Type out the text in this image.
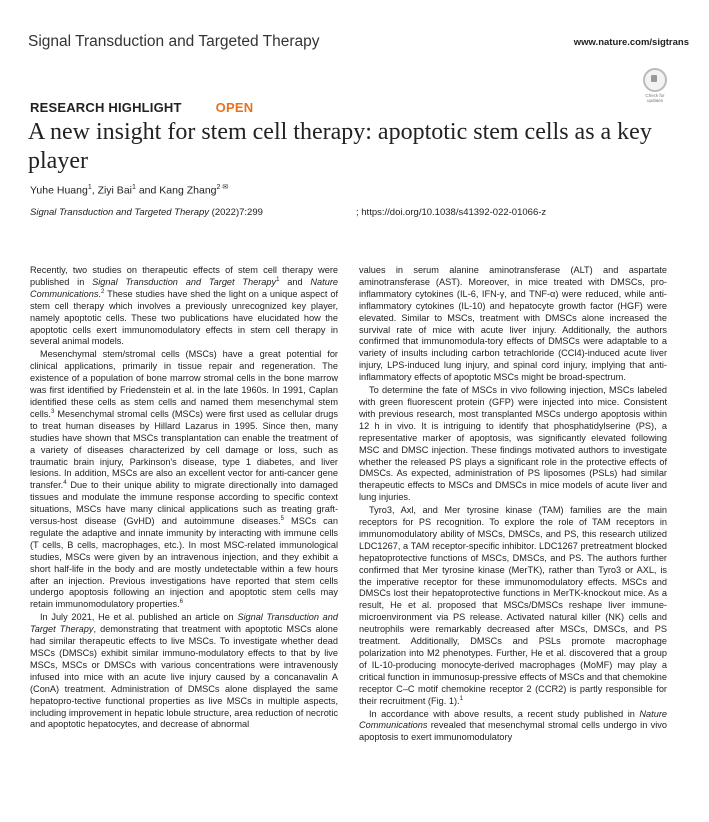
Signal Transduction and Targeted Therapy	www.nature.com/sigtrans
Check for updates
RESEARCH HIGHLIGHT	OPEN
A new insight for stem cell therapy: apoptotic stem cells as a key player
Yuhe Huang$^1$, Ziyi Bai$^1$ and Kang Zhang$^{2 ✉}$
Signal Transduction and Targeted Therapy (2022)7:299	; https://doi.org/10.1038/s41392-022-01066-z

Recently, two studies on therapeutic effects of stem cell therapy were published in Signal Transduction and Target Therapy$^1$ and Nature Communications.$^2$ These studies have shed the light on a unique aspect of stem cell therapy which involves a previously unrecognized key player, namely apoptotic cells. These two publications have elucidated how the apoptotic cells exert immunomodulatory effects in stem cell therapy in several animal models.

Mesenchymal stem/stromal cells (MSCs) have a great potential for clinical applications, primarily in tissue repair and regeneration. The existence of a population of bone marrow stromal cells in the bone marrow was first identified by Friedenstein et al. in the late 1960s. In 1991, Caplan identified these cells as stem cells and named them mesenchymal stem cells.$^3$ Mesenchymal stromal cells (MSCs) were first used as cellular drugs to treat human diseases by Hillard Lazarus in 1995. Since then, many studies have shown that MSCs transplantation can enable the treatment of a variety of diseases characterized by cell damage or loss, such as traumatic brain injury, Parkinson's disease, type 1 diabetes, and liver lesions. In addition, MSCs are also an excellent vector for anti-cancer gene transfer.$^4$ Due to their unique ability to migrate directionally into damaged tissues and modulate the immune response according to specific context situations, MSCs have many clinical applications such as treating graft-versus-host disease (GvHD) and autoimmune diseases.$^5$ MSCs can regulate the adaptive and innate immunity by interacting with immune cells (T cells, B cells, macrophages, etc.). In most MSC-related immunological studies, MSCs were given by an intravenous injection, and they exhibit a short half-life in the body and are mostly undetectable within a few hours after an injection. Previous investigations have reported that stem cells undergo apoptosis following an injection and apoptotic stem cells may retain immunomodulatory properties.$^6$

In July 2021, He et al. published an article on Signal Transduction and Target Therapy, demonstrating that treatment with apoptotic MSCs alone had similar therapeutic effects to live MSCs. To investigate whether dead MSCs (DMSCs) exhibit similar immuno-modulatory effects to that by live MSCs, MSCs or DMSCs with various concentrations were intravenously infused into mice with an acute live injury caused by a concanavalin A (ConA) treatment. Administration of DMSCs alone displayed the same hepatopro-tective functional properties as live MSCs in multiple aspects, including improvement in hepatic lobule structure, area reduction of necrotic and apoptotic hepatocytes, and decrease of abnormal

values in serum alanine aminotransferase (ALT) and aspartate aminotransferase (AST). Moreover, in mice treated with DMSCs, pro-inflammatory cytokines (IL-6, IFN-γ, and TNF-α) were reduced, while anti-inflammatory cytokines (IL-10) and hepatocyte growth factor (HGF) were elevated. Similar to MSCs, treatment with DMSCs alone increased the survival rate of mice with acute liver injury. Additionally, the authors confirmed that immunomodula-tory effects of DMSCs were adaptable to a variety of insults including carbon tetrachloride (CCl4)-induced acute liver injury, LPS-induced lung injury, and spinal cord injury, implying that anti-inflammatory effects of apoptotic MSCs might be broad-spectrum.

To determine the fate of MSCs in vivo following injection, MSCs labeled with green fluorescent protein (GFP) were injected into mice. Consistent with previous research, most transplanted MSCs undergo apoptosis within 12 h in vivo. It is intriguing to identify that phosphatidylserine (PS), a representative marker of apoptosis, was significantly elevated following MSC and DMSC injection. These findings motivated authors to investigate whether the released PS plays a significant role in the protective effects of DMSCs. As expected, administration of PS liposomes (PSLs) had similar therapeutic effects to MSCs and DMSCs in mice models of acute liver and lung injuries.

Tyro3, Axl, and Mer tyrosine kinase (TAM) families are the main receptors for PS recognition. To explore the role of TAM receptors in immunomodulatory ability of MSCs, DMSCs, and PS, this research utilized LDC1267, a TAM receptor-specific inhibitor. LDC1267 pretreatment blocked hepatoprotective functions of MSCs, DMSCs, and PS. The authors further confirmed that Mer tyrosine kinase (MerTK), rather than Tyro3 or AXL, is the imperative receptor for these immunomodulatory effects. MSCs and DMSCs lost their hepatoprotective functions in MerTK-knockout mice. As a result, He et al. proposed that MSCs/DMSCs reshape liver immune-microenvironment via PS release. Activated natural killer (NK) cells and neutrophils were remarkably decreased after MSCs, DMSCs, and PS treatment. Additionally, DMSCs and PSLs promote macrophage polarization into M2 phenotypes. Further, He et al. discovered that a group of IL-10-producing monocyte-derived macrophages (MoMF) may play a critical function in immunosup-pressive effects of MSCs and that chemokine receptor C–C motif chemokine receptor 2 (CCR2) is partly responsible for their recruitment (Fig. 1).$^1$

In accordance with above results, a recent study published in Nature Communications revealed that mesenchymal stromal cells undergo in vivo apoptosis to exert immunomodulatory
